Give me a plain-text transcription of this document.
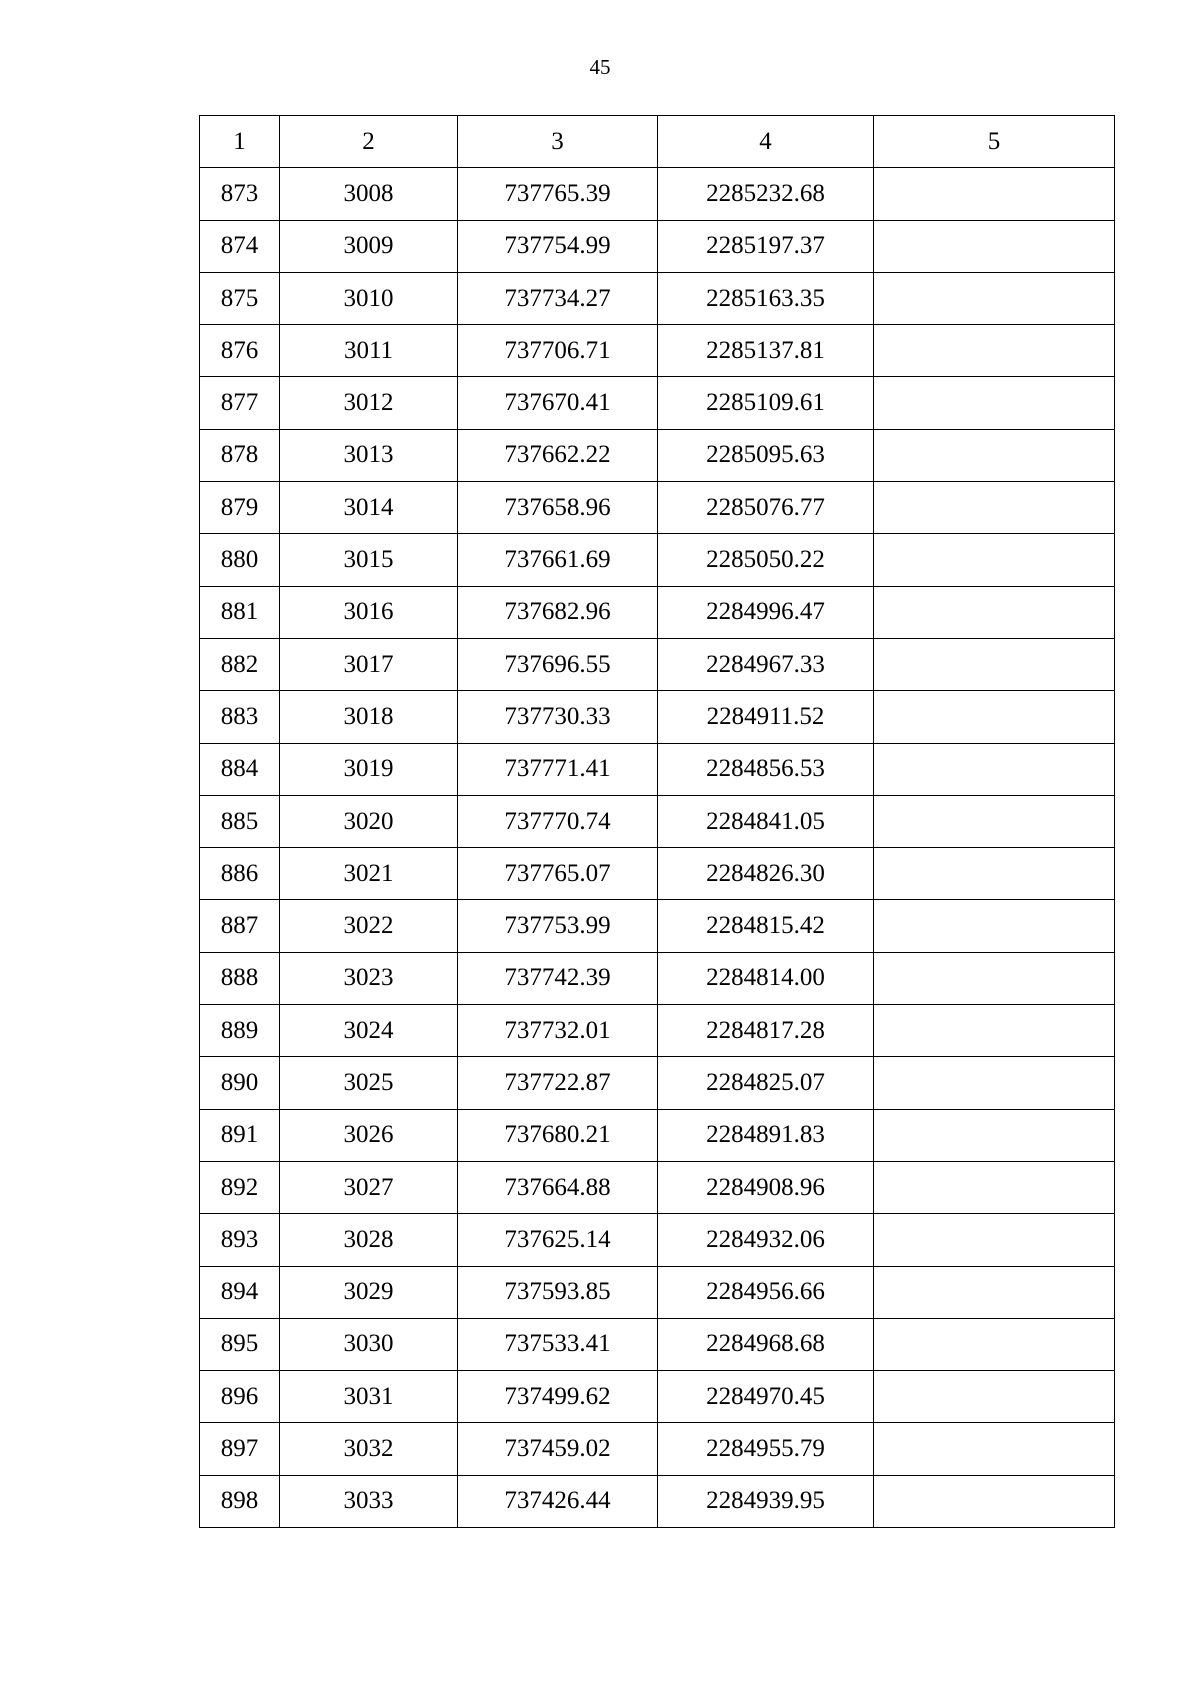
45
1	2	3	4	5
873	3008	737765.39	2285232.68	
874	3009	737754.99	2285197.37	
875	3010	737734.27	2285163.35	
876	3011	737706.71	2285137.81	
877	3012	737670.41	2285109.61	
878	3013	737662.22	2285095.63	
879	3014	737658.96	2285076.77	
880	3015	737661.69	2285050.22	
881	3016	737682.96	2284996.47	
882	3017	737696.55	2284967.33	
883	3018	737730.33	2284911.52	
884	3019	737771.41	2284856.53	
885	3020	737770.74	2284841.05	
886	3021	737765.07	2284826.30	
887	3022	737753.99	2284815.42	
888	3023	737742.39	2284814.00	
889	3024	737732.01	2284817.28	
890	3025	737722.87	2284825.07	
891	3026	737680.21	2284891.83	
892	3027	737664.88	2284908.96	
893	3028	737625.14	2284932.06	
894	3029	737593.85	2284956.66	
895	3030	737533.41	2284968.68	
896	3031	737499.62	2284970.45	
897	3032	737459.02	2284955.79	
898	3033	737426.44	2284939.95	
